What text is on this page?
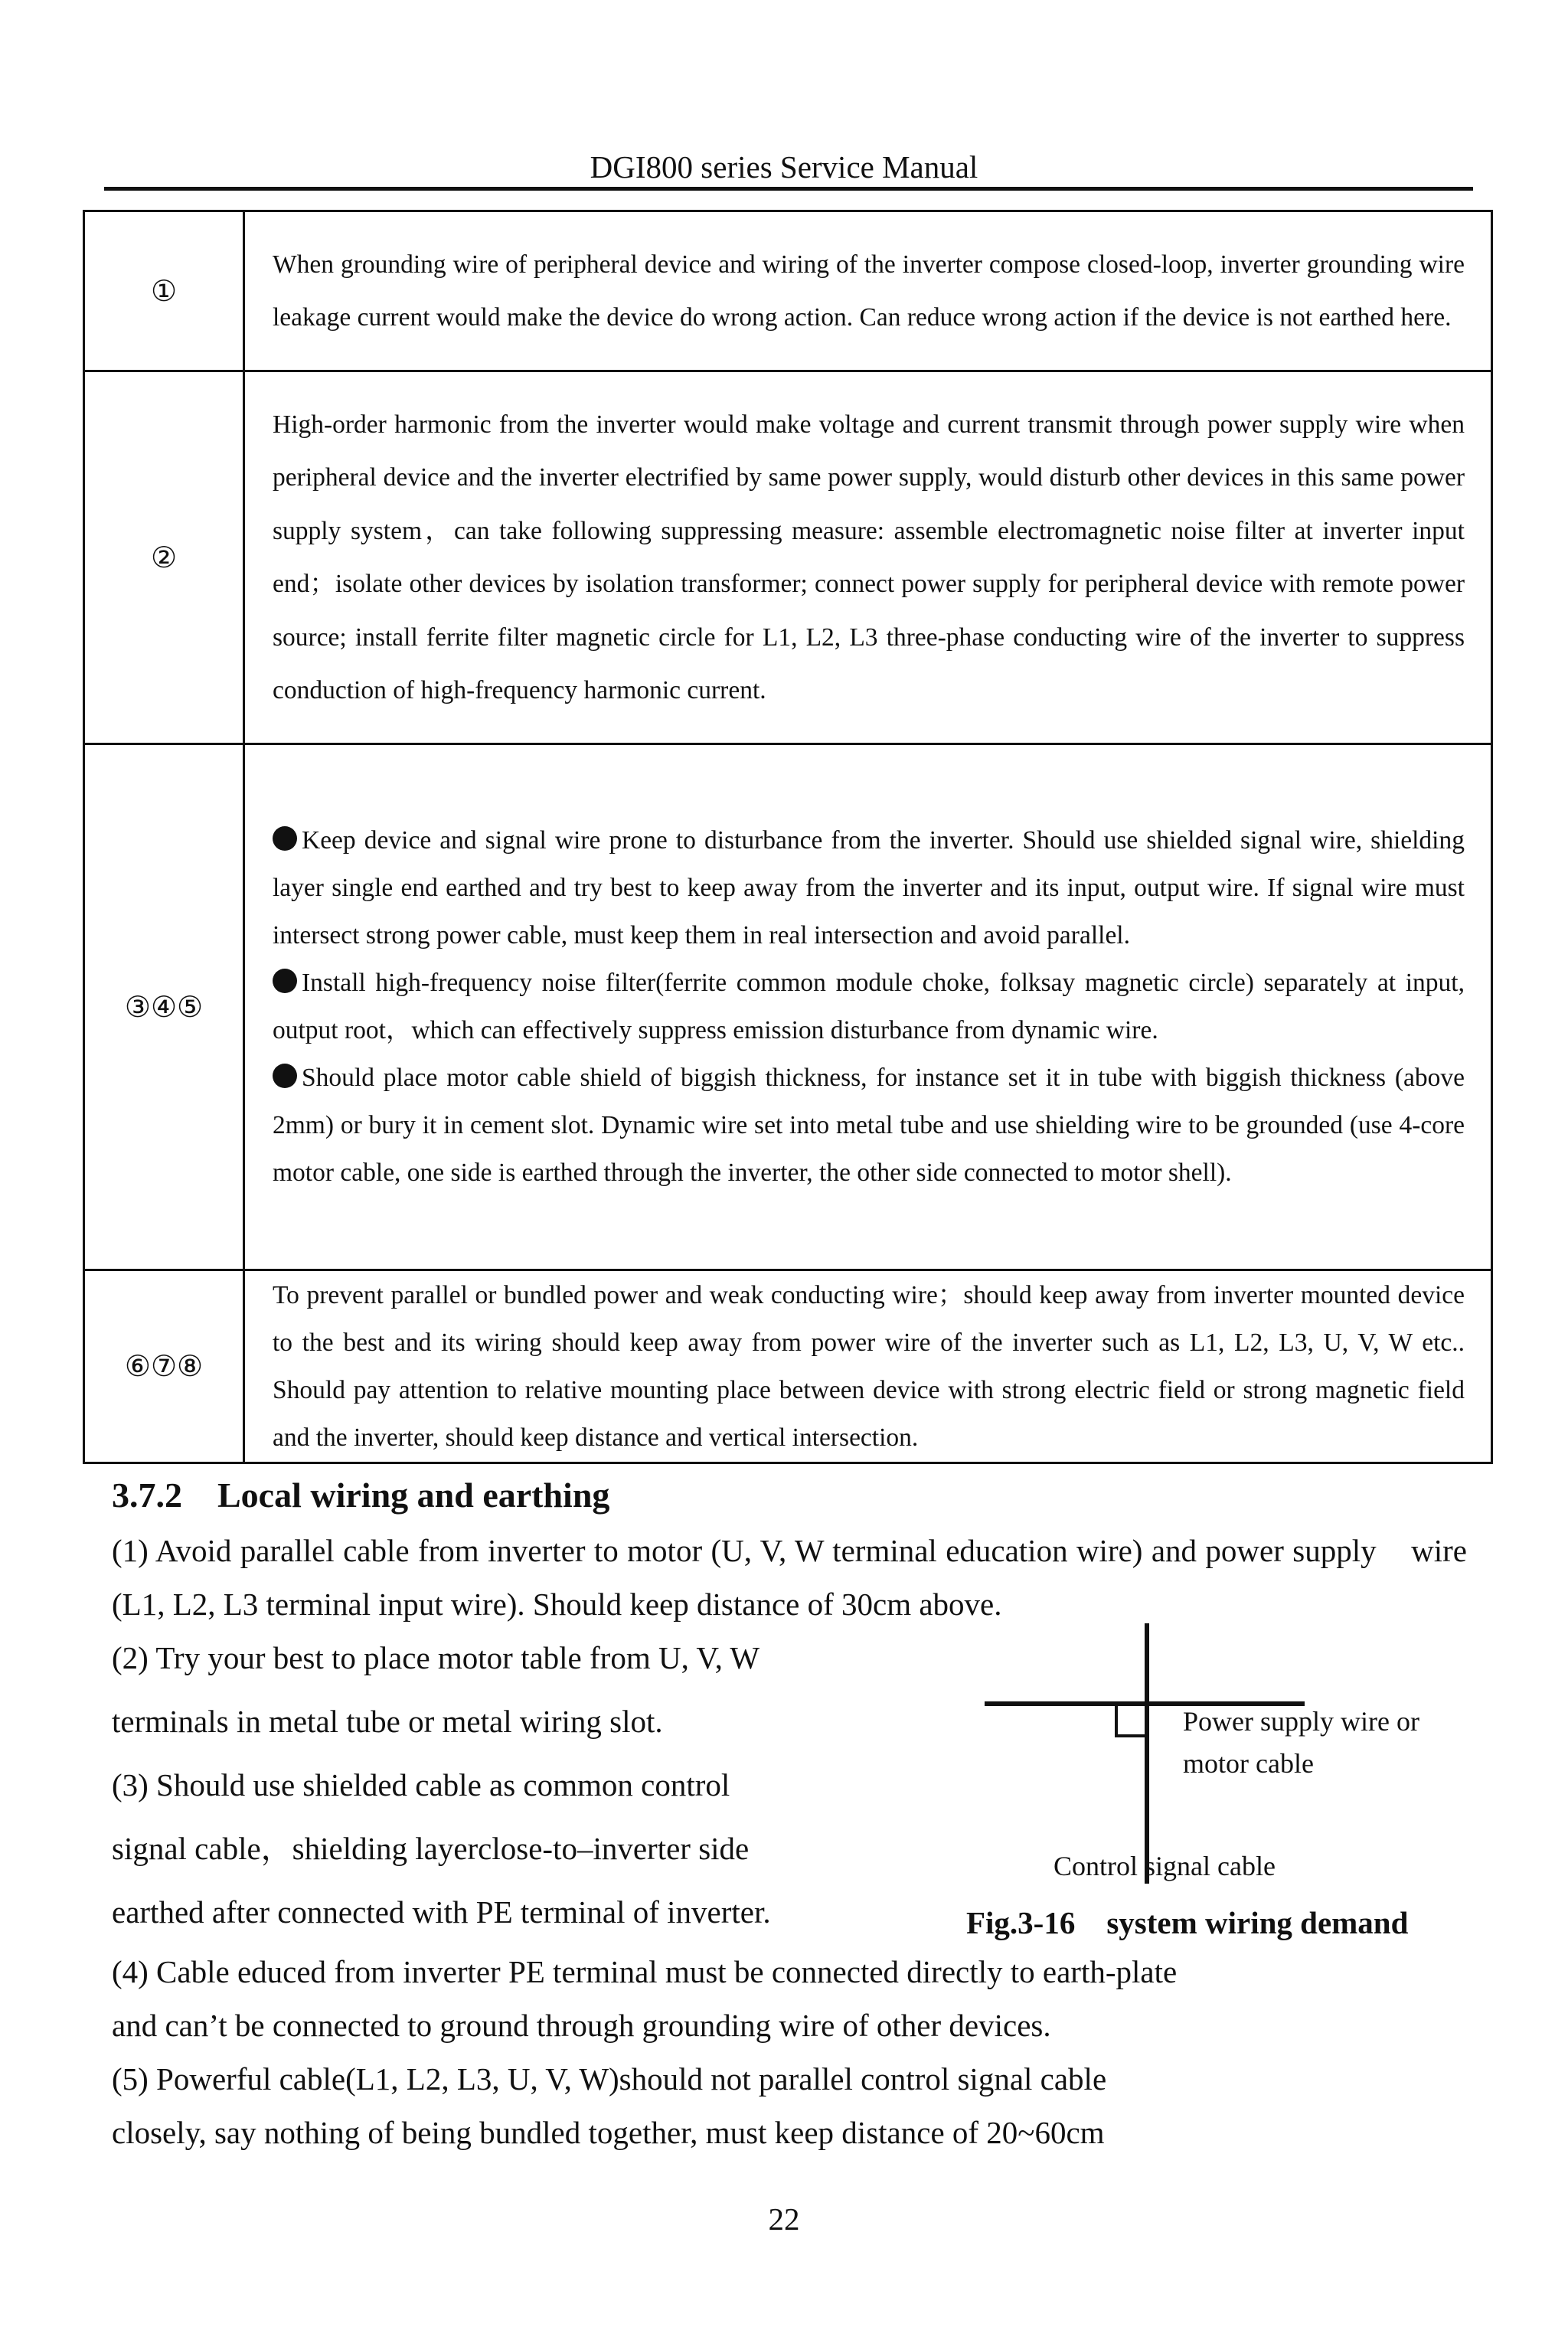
DGI800 series Service Manual
①	When grounding wire of peripheral device and wiring of the inverter compose closed-loop, inverter grounding wire leakage current would make the device do wrong action. Can reduce wrong action if the device is not earthed here.

②	High-order harmonic from the inverter would make voltage and current transmit through power supply wire when peripheral device and the inverter electrified by same power supply, would disturb other devices in this same power supply system，can take following suppressing measure: assemble electromagnetic noise filter at inverter input end；isolate other devices by isolation transformer; connect power supply for peripheral device with remote power source; install ferrite filter magnetic circle for L1, L2, L3 three-phase conducting wire of the inverter to suppress conduction of high-frequency harmonic current.

③④⑤	Keep device and signal wire prone to disturbance from the inverter. Should use shielded signal wire, shielding layer single end earthed and try best to keep away from the inverter and its input, output wire. If signal wire must intersect strong power cable, must keep them in real intersection and avoid parallel.

Install high-frequency noise filter(ferrite common module choke, folksay magnetic circle) separately at input, output root，which can effectively suppress emission disturbance from dynamic wire.

Should place motor cable shield of biggish thickness, for instance set it in tube with biggish thickness (above 2mm) or bury it in cement slot. Dynamic wire set into metal tube and use shielding wire to be grounded (use 4-core motor cable, one side is earthed through the inverter, the other side connected to motor shell).

⑥⑦⑧	To prevent parallel or bundled power and weak conducting wire；should keep away from inverter mounted device to the best and its wiring should keep away from power wire of the inverter such as L1, L2, L3, U, V, W etc.. Should pay attention to relative mounting place between device with strong electric field or strong magnetic field and the inverter, should keep distance and vertical intersection.

3.7.2    Local wiring and earthing
(1) Avoid parallel cable from inverter to motor (U, V, W terminal education wire) and power supply    wire (L1, L2, L3 terminal input wire). Should keep distance of 30cm above.
(2) Try your best to place motor table from U, V, W
terminals in metal tube or metal wiring slot.
(3) Should use shielded cable as common control
signal cable，shielding layerclose-to–inverter side
earthed after connected with PE terminal of inverter.
Power supply wire or
motor cable
Control signal cable
Fig.3-16    system wiring demand
(4) Cable educed from inverter PE terminal must be connected directly to earth-plate
and can’t be connected to ground through grounding wire of other devices.
(5) Powerful cable(L1, L2, L3, U, V, W)should not parallel control signal cable
closely, say nothing of being bundled together, must keep distance of 20~60cm
22
